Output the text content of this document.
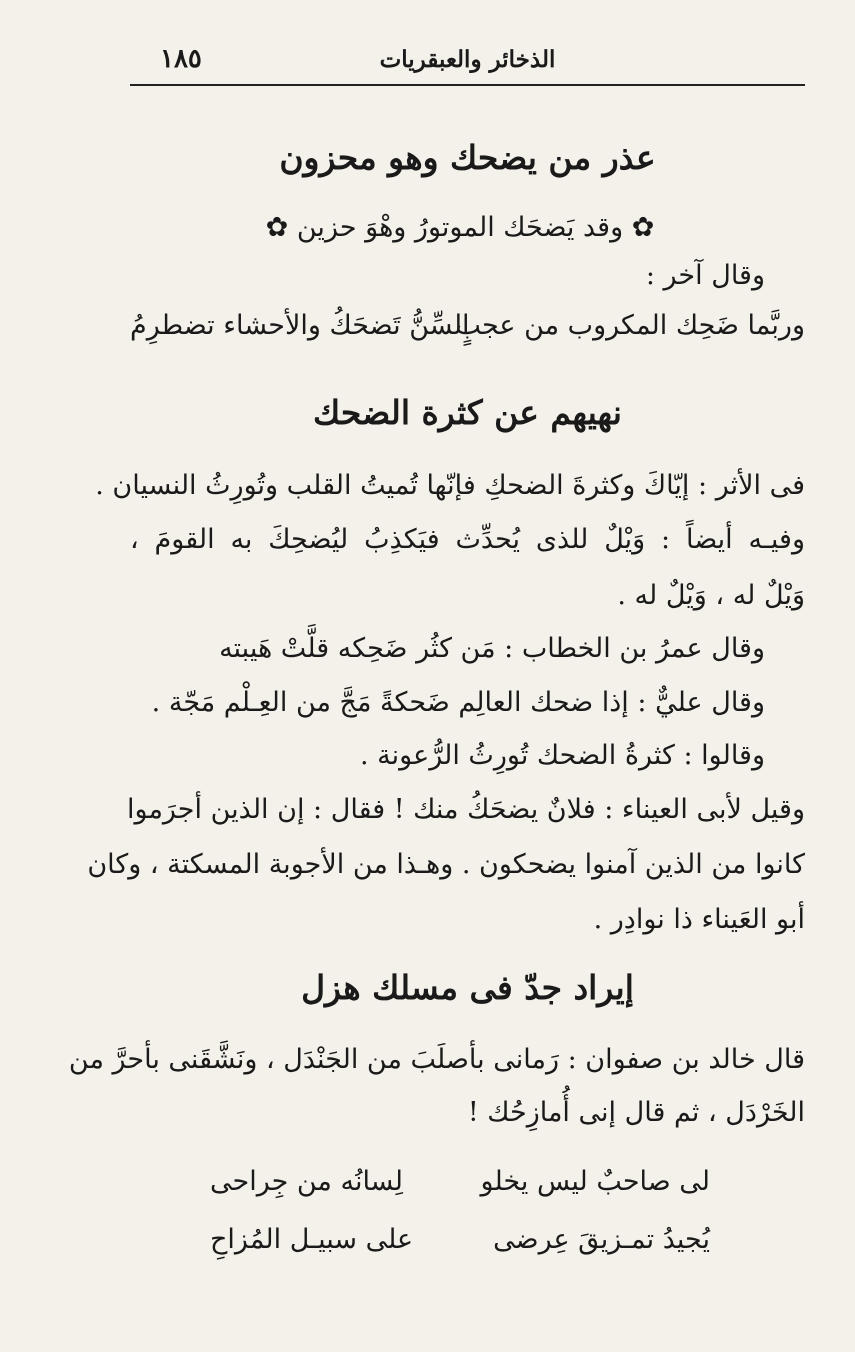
١٨٥	الذخائر والعبقريات
عذر من يضحك وهو محزون
✿ وقد يَضحَك الموتورُ وهْوَ حزين ✿
وقال آخر :
وربَّما ضَحِك المكروب من عجبٍ
السِّنُّ تَضحَكُ والأحشاء تضطرِمُ
نهيهم عن كثرة الضحك
فى الأثر : إيّاكَ وكثرةَ الضحكِ فإنّها تُميتُ القلب وتُورِثُ النسيان .
وفيـه أيضاً : وَيْلٌ للذى يُحدِّث فيَكذِبُ ليُضحِكَ به القومَ ،
وَيْلٌ له ، وَيْلٌ له .
وقال عمرُ بن الخطاب : مَن كثُر ضَحِكه قلَّتْ هَيبته
وقال عليٌّ : إذا ضحك العالِم ضَحكةً مَجَّ من العِـلْم مَجّة .
وقالوا : كثرةُ الضحك تُورِثُ الرُّعونة .
وقيل لأبى العيناء : فلانٌ يضحَكُ منك ! فقال : إن الذين أجرَموا
كانوا من الذين آمنوا يضحكون . وهـذا من الأجوبة المسكتة ، وكان
أبو العَيناء ذا نوادِر .
إيراد جدّ فى مسلك هزل
قال خالد بن صفوان : رَمانى بأصلَبَ من الجَنْدَل ، ونَشَّقَنى بأحرَّ من
الخَرْدَل ، ثم قال إنى أُمازِحُك !
لى صاحبٌ ليس يخلو
لِسانُه من جِراحى
يُجيدُ تمـزيقَ عِرضى
على سبيـل المُزاحِ
